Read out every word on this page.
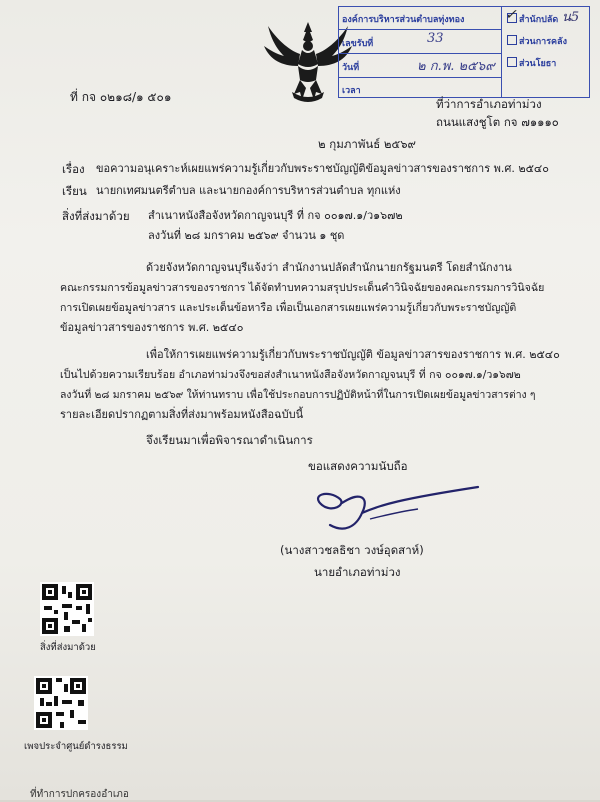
องค์การบริหารส่วนตำบลทุ่งทอง
เลขรับที่	33
วันที่	๒ ก.พ. ๒๕๖๙
เวลา
✓ สำนักปลัด
ส่วนการคลัง
ส่วนโยธา
น5
ที่ กจ ๐๒๑๘/๑ ๕๐๑	ที่ว่าการอำเภอท่าม่วง
ถนนแสงชูโต กจ ๗๑๑๑๐
๒ กุมภาพันธ์ ๒๕๖๙
เรื่อง ขอความอนุเคราะห์เผยแพร่ความรู้เกี่ยวกับพระราชบัญญัติข้อมูลข่าวสารของราชการ พ.ศ. ๒๕๔๐
เรียน นายกเทศมนตรีตำบล และนายกองค์การบริหารส่วนตำบล ทุกแห่ง
สิ่งที่ส่งมาด้วย สำเนาหนังสือจังหวัดกาญจนบุรี ที่ กจ ๐๐๑๗.๑/ว๑๖๗๒
ลงวันที่ ๒๘ มกราคม ๒๕๖๙ จำนวน ๑ ชุด
ด้วยจังหวัดกาญจนบุรีแจ้งว่า สำนักงานปลัดสำนักนายกรัฐมนตรี โดยสำนักงาน
คณะกรรมการข้อมูลข่าวสารของราชการ ได้จัดทำบทความสรุปประเด็นคำวินิจฉัยของคณะกรรมการวินิจฉัย
การเปิดเผยข้อมูลข่าวสาร และประเด็นข้อหารือ เพื่อเป็นเอกสารเผยแพร่ความรู้เกี่ยวกับพระราชบัญญัติ
ข้อมูลข่าวสารของราชการ พ.ศ. ๒๕๔๐
เพื่อให้การเผยแพร่ความรู้เกี่ยวกับพระราชบัญญัติ ข้อมูลข่าวสารของราชการ พ.ศ. ๒๕๔๐
เป็นไปด้วยความเรียบร้อย อำเภอท่าม่วงจึงขอส่งสำเนาหนังสือจังหวัดกาญจนบุรี ที่ กจ ๐๐๑๗.๑/ว๑๖๗๒
ลงวันที่ ๒๘ มกราคม ๒๕๖๙ ให้ท่านทราบ เพื่อใช้ประกอบการปฏิบัติหน้าที่ในการเปิดเผยข้อมูลข่าวสารต่าง ๆ
รายละเอียดปรากฏตามสิ่งที่ส่งมาพร้อมหนังสือฉบับนี้
จึงเรียนมาเพื่อพิจารณาดำเนินการ
ขอแสดงความนับถือ
(นางสาวชลธิชา วงษ์อุดสาห์)
นายอำเภอท่าม่วง
สิ่งที่ส่งมาด้วย
เพจประจำศูนย์ดำรงธรรม
ที่ทำการปกครองอำเภอ
